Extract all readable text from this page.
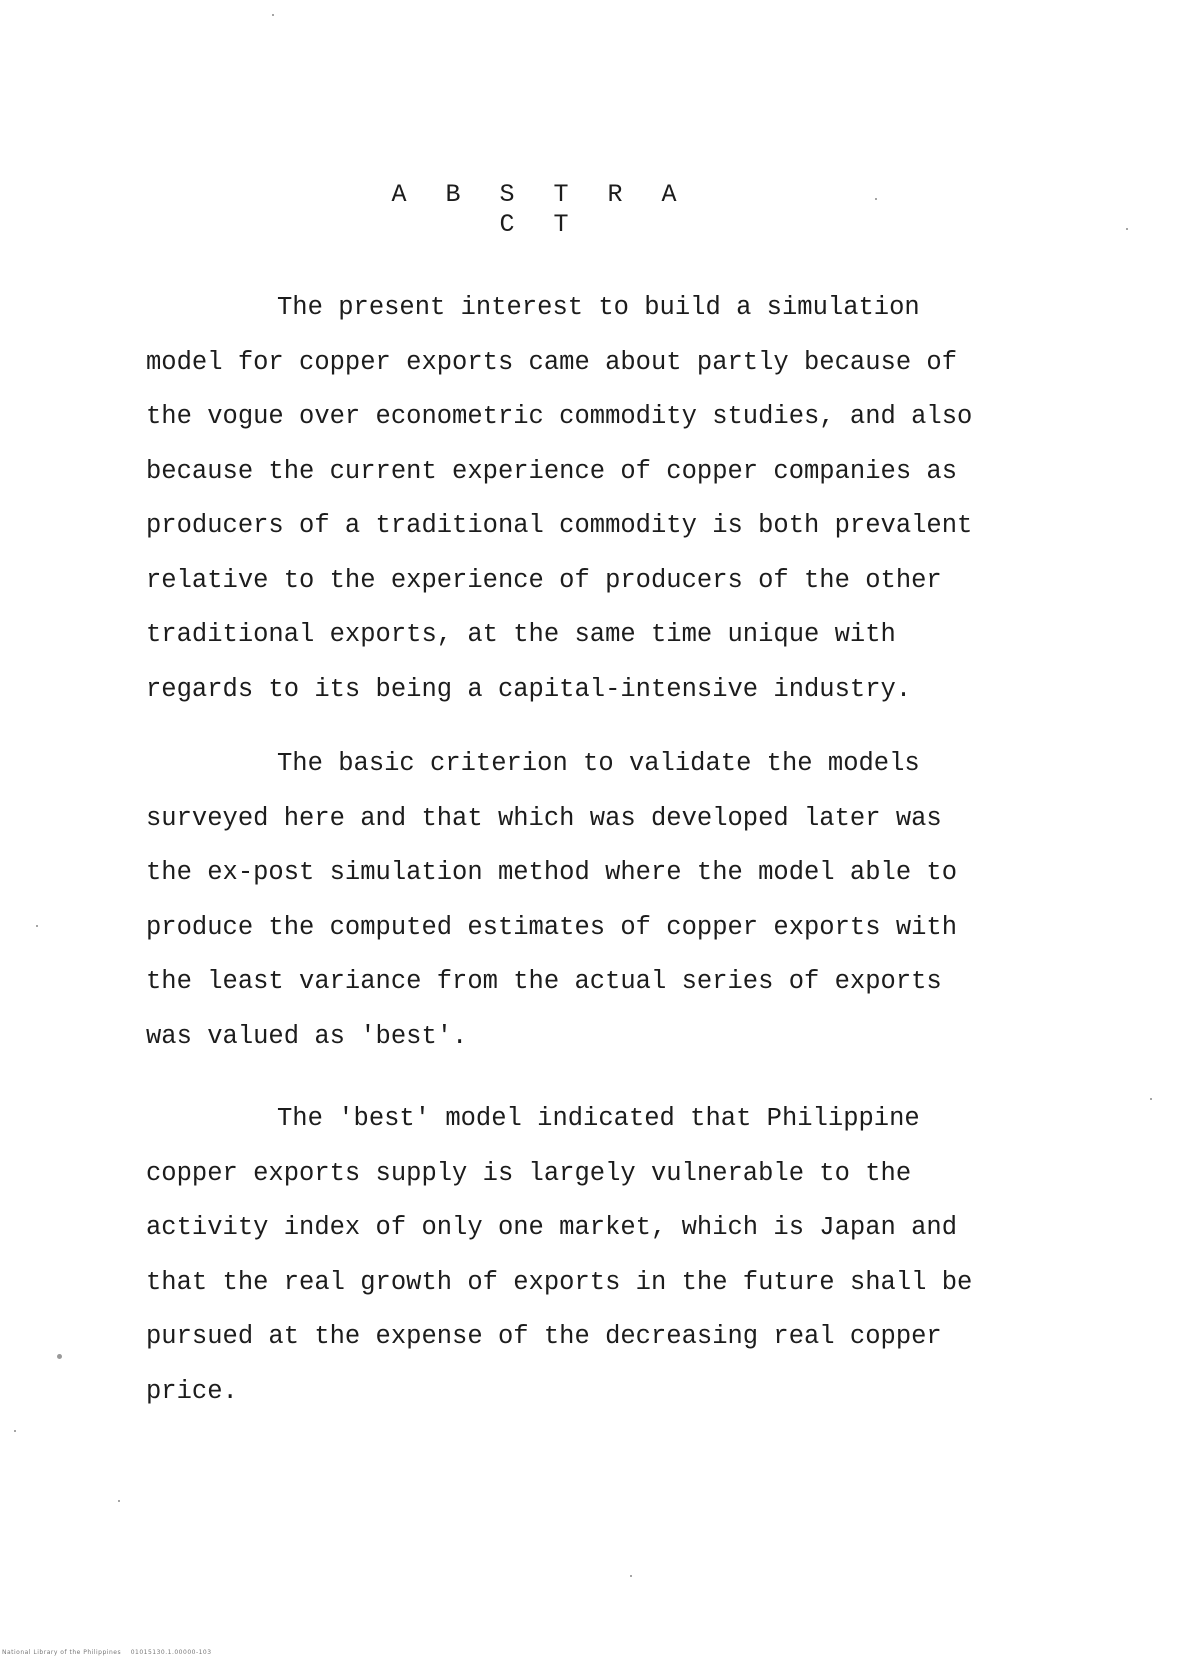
A B S T R A C T

The present interest to build a simulation
model for copper exports came about partly because of
the vogue over econometric commodity studies, and also
because the current experience of copper companies as
producers of a traditional commodity is both prevalent
relative to the experience of producers of the other
traditional exports, at the same time unique with
regards to its being a capital-intensive industry.

The basic criterion to validate the models
surveyed here and that which was developed later was
the ex-post simulation method where the model able to
produce the computed estimates of copper exports with
the least variance from the actual series of exports
was valued as 'best'.

The 'best' model indicated that Philippine
copper exports supply is largely vulnerable to the
activity index of only one market, which is Japan and
that the real growth of exports in the future shall be
pursued at the expense of the decreasing real copper
price.

National Library of the Philippines    01015130.1.00000-103
